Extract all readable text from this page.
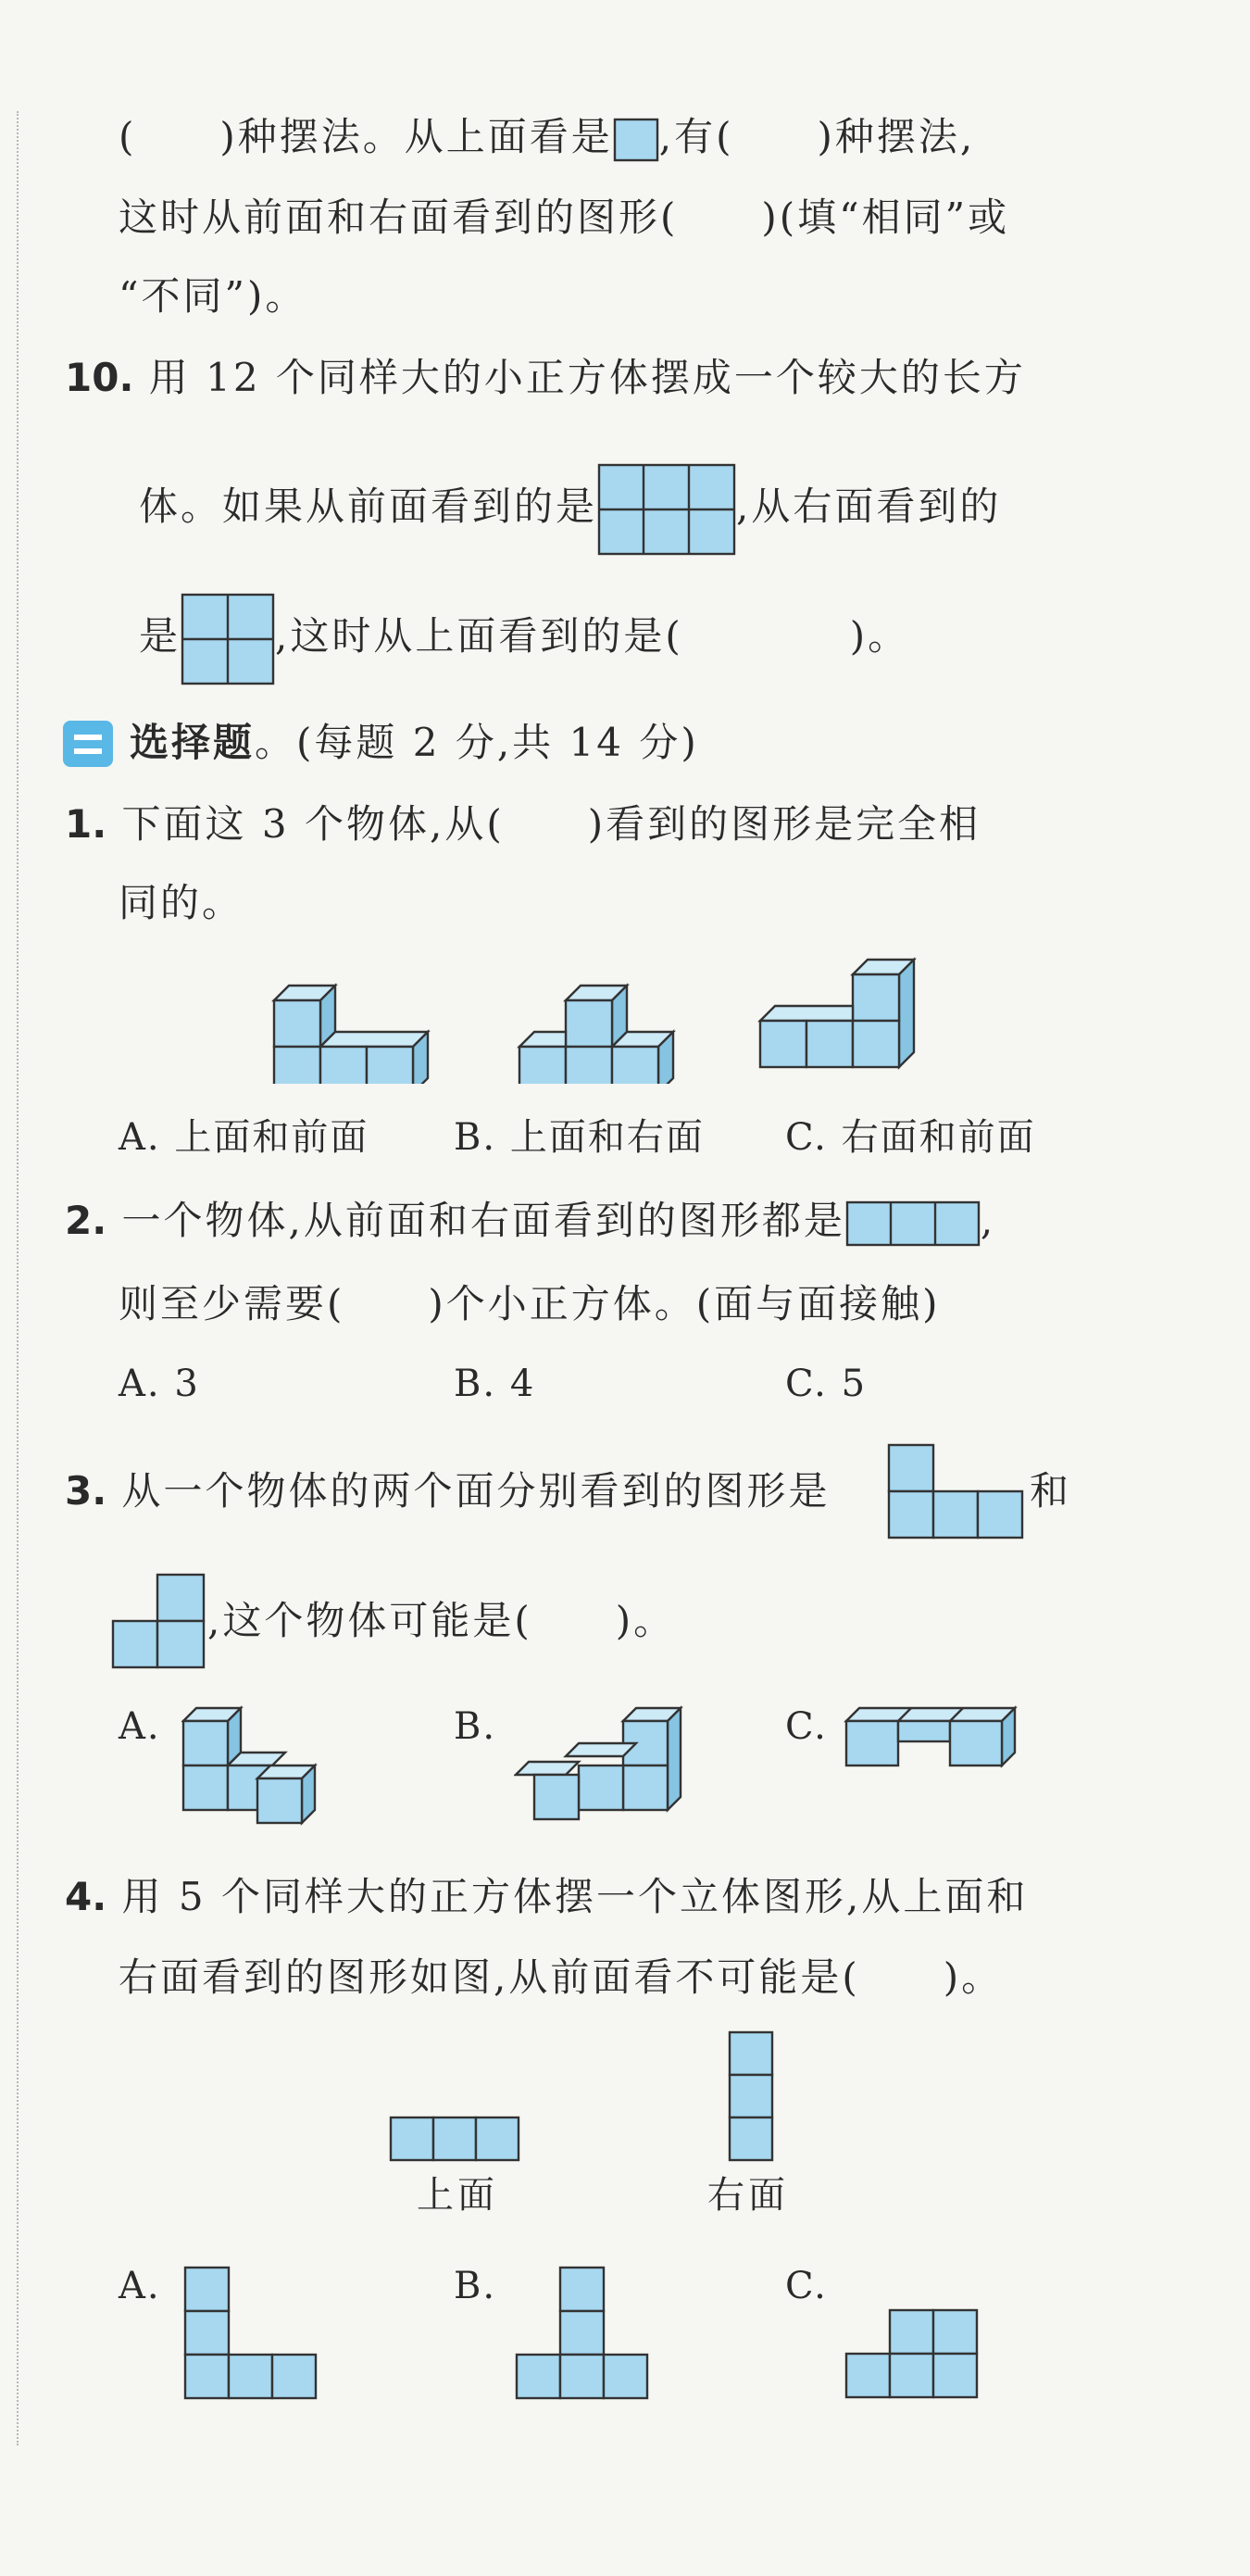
(　　)种摆法。从上面看是 ,有(　　)种摆法,
这时从前面和右面看到的图形(　　)(填“相同”或
“不同”)。
10. 用 12 个同样大的小正方体摆成一个较大的长方
体。如果从前面看到的是	,从右面看到的
是 ,这时从上面看到的是(　　　　)。
选择题。(每题 2 分,共 14 分)
1. 下面这 3 个物体,从(　　)看到的图形是完全相
同的。
A. 上面和前面 B. 上面和右面 C. 右面和前面
2. 一个物体,从前面和右面看到的图形都是	,
则至少需要(　　)个小正方体。(面与面接触)
A. 3	B. 4	C. 5
3. 从一个物体的两个面分别看到的图形是	和
,这个物体可能是(　　)。
A.	B.	C.
4. 用 5 个同样大的正方体摆一个立体图形,从上面和
右面看到的图形如图,从前面看不可能是(　　)。
上面	右面
A.	B.	C.
